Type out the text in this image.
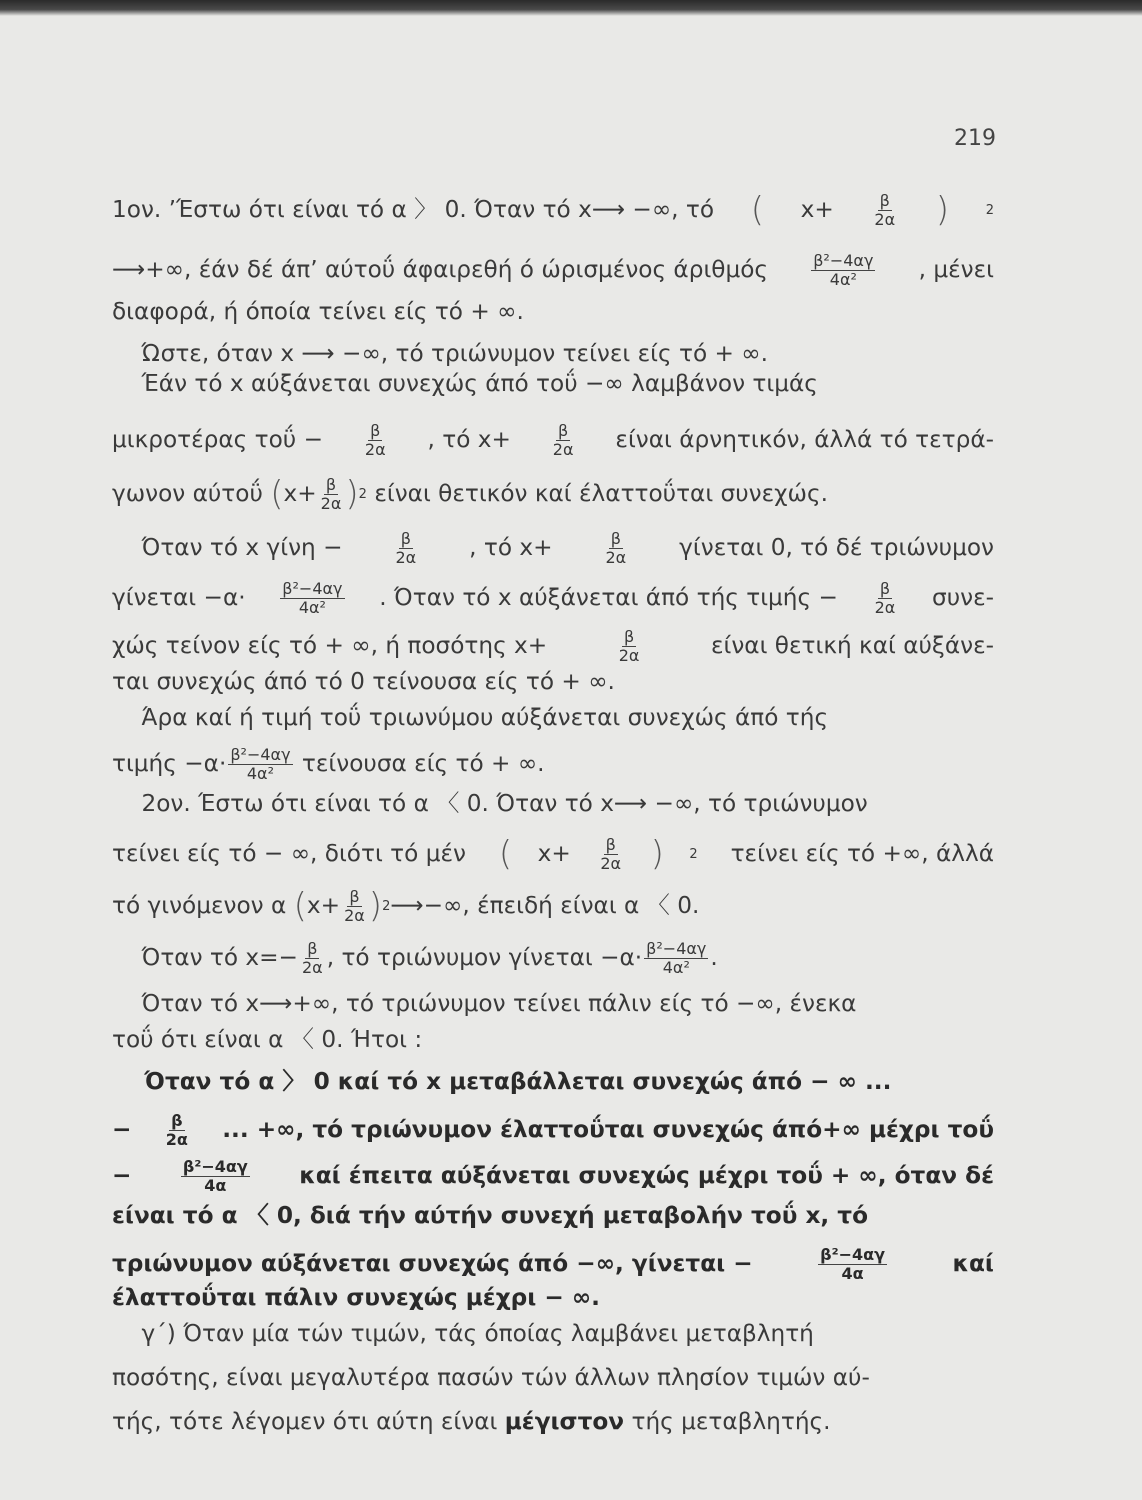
219
1ον. ’Έστω ότι είναι τό α 〉 0. Όταν τό x⟶ −∞, τό ( $x+ \frac{\beta}{2\alpha}$ )	2
⟶+∞, έάν δέ άπ’ αύτοΰ άφαιρεθή ό ώρισμένος άριθμός	$\frac{\text{β²−4αγ}}{\text{4α²}}$ , μένει
διαφορά, ή όποία τείνει είς τό + ∞.
Ώστε, όταν x ⟶ −∞, τό τριώνυμον τείνει είς τό + ∞.
Έάν τό x αύξάνεται συνεχώς άπό τοΰ −∞ λαμβάνον τιμάς
μικροτέρας $\tau oΰ - \frac{\beta}{2\alpha}$ , τό $x+ \frac{\beta}{2\alpha}$ είναι άρνητικόν, άλλά τό τετρά-
γωνον αύτοΰ ( $x+ \frac{\beta}{2\alpha}$ ) 2 είναι θετικόν καί έλαττοΰται συνεχώς.
Όταν τό x γίνη −	$\frac{\beta}{2\alpha}$ , τό x+	$\frac{\beta}{2\alpha}$ γίνεται 0, τό δέ τριώνυμον
$\gamma ί\nu\varepsilon\tau\alpha\iota -\alpha\cdot \frac{\text{β²−4αγ}}{\text{4α²}}$ . Όταν τό x αύξάνεται άπό τής $\tau\iota\mu ή\varsigma - \frac{\beta}{2\alpha} \sigma\upsilon\nu\varepsilon-$
χώς τείνον είς τό + ∞, ή ποσότης x+	$\frac{\beta}{2\alpha}$	είναι θετική καί αύξάνε-
ται συνεχώς άπό τό 0 τείνουσα είς τό + ∞.
Άρα καί ή τιμή τοΰ τριωνύμου αύξάνεται συνεχώς άπό τής
$\tau\iota\mu ή\varsigma -\alpha\cdot \frac{\text{β²−4αγ}}{\text{4α²}}$ τείνουσα είς τό + ∞.
2ον. Έστω ότι είναι τό α 〈 0. Όταν τό x⟶ −∞, τό τριώνυμον
τείνει είς τό − ∞, διότι τό μέν ( $x+ \frac{\beta}{2\alpha}$ ) 2 τείνει είς τό +∞, άλλά
τό γινόμενον α ( $x+ \frac{\beta}{2\alpha}$ ) 2 ⟶−∞, έπειδή είναι α 〈 0.
Όταν τό $x=- \frac{\beta}{2\alpha}$ , τό τριώνυμον $\gamma ί\nu\varepsilon\tau\alpha\iota -\alpha\cdot \frac{\text{β²−4αγ}}{\text{4α²}}$ .
Όταν τό x⟶+∞, τό τριώνυμον τείνει πάλιν είς τό −∞, ένεκα
τοΰ ότι είναι α 〈 0. Ήτοι :
Όταν τό α 〉 0 καί τό x μεταβάλλεται συνεχώς άπό − ∞ ...
− $\frac{\beta}{2\alpha}$ ... +∞, τό τριώνυμον έλαττοΰται συνεχώς άπό+∞ μέχρι τοΰ
−	$\frac{\text{β²−4αγ}}{4\alpha}$ καί έπειτα αύξάνεται συνεχώς μέχρι τοΰ + ∞, όταν δέ
είναι τό α 〈 0, διά τήν αύτήν συνεχή μεταβολήν τοΰ x, τό
τριώνυμον αύξάνεται συνεχώς άπό −∞, γίνεται −	$\frac{\text{β²−4αγ}}{4\alpha}$	καί
έλαττοΰται πάλιν συνεχώς μέχρι − ∞.
γ΄) Όταν μία τών τιμών, τάς όποίας λαμβάνει μεταβλητή
ποσότης, είναι μεγαλυτέρα πασών τών άλλων πλησίον τιμών αύ-
τής, τότε λέγομεν ότι αύτη είναι μέγιστον τής μεταβλητής.
